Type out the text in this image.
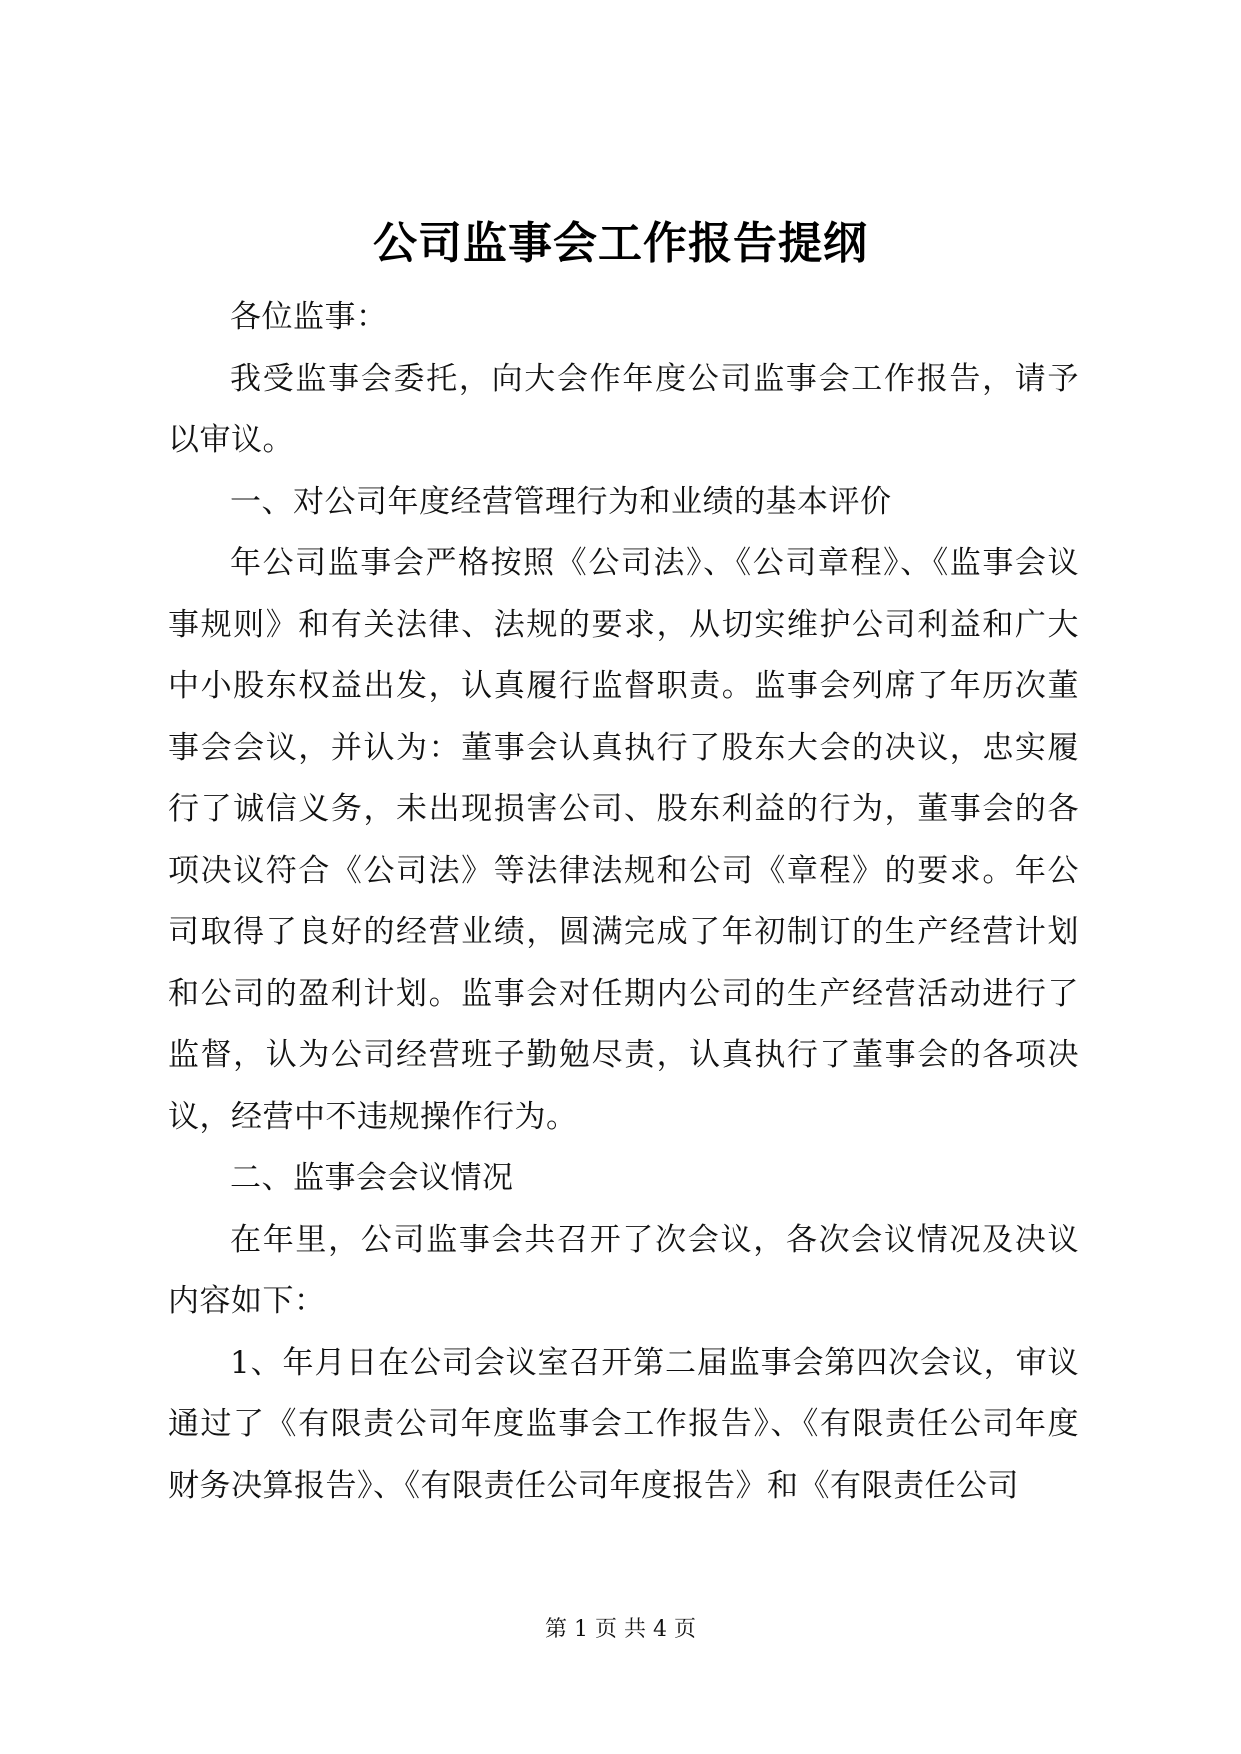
公司监事会工作报告提纲

各位监事：

我受监事会委托，向大会作年度公司监事会工作报告，请予以审议。

一、对公司年度经营管理行为和业绩的基本评价

年公司监事会严格按照《公司法》、《公司章程》、《监事会议事规则》和有关法律、法规的要求，从切实维护公司利益和广大中小股东权益出发，认真履行监督职责。监事会列席了年历次董事会会议，并认为：董事会认真执行了股东大会的决议，忠实履行了诚信义务，未出现损害公司、股东利益的行为，董事会的各项决议符合《公司法》等法律法规和公司《章程》的要求。年公司取得了良好的经营业绩，圆满完成了年初制订的生产经营计划和公司的盈利计划。监事会对任期内公司的生产经营活动进行了监督，认为公司经营班子勤勉尽责，认真执行了董事会的各项决议，经营中不违规操作行为。

二、监事会会议情况

在年里，公司监事会共召开了次会议，各次会议情况及决议内容如下：

1、年月日在公司会议室召开第二届监事会第四次会议，审议通过了《有限责公司年度监事会工作报告》、《有限责任公司年度财务决算报告》、《有限责任公司年度报告》和《有限责任公司

第 1 页 共 4 页
